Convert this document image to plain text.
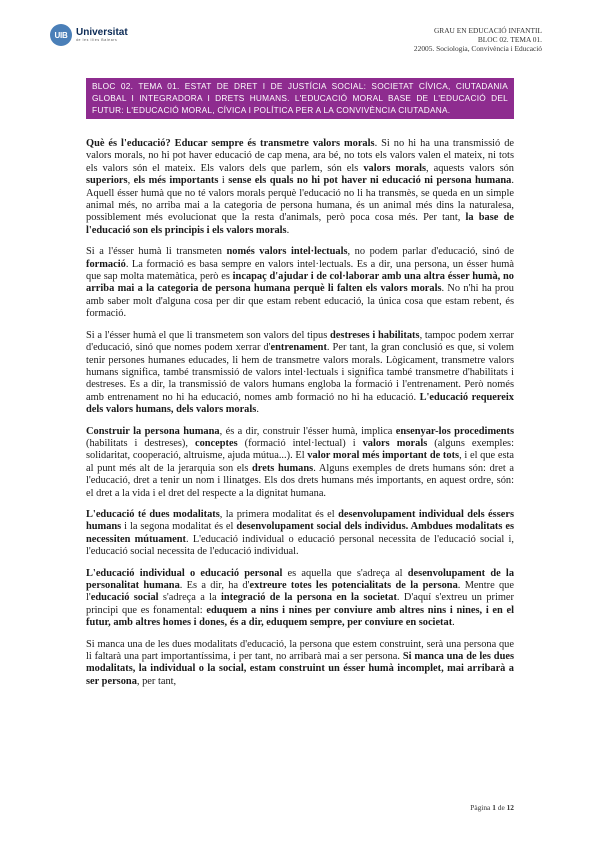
UIB Universitat
de les Illes Balears
GRAU EN EDUCACIÓ INFANTIL
BLOC 02. TEMA 01.
22005. Sociologia, Convivència i Educació
BLOC 02. TEMA 01. ESTAT DE DRET I DE JUSTÍCIA SOCIAL: SOCIETAT CÍVICA, CIUTADANIA GLOBAL I INTEGRADORA I DRETS HUMANS. L'EDUCACIÓ MORAL BASE DE L'EDUCACIÓ DEL FUTUR: L'EDUCACIÓ MORAL, CÍVICA I POLÍTICA PER A LA CONVIVÈNCIA CIUTADANA.

Què és l'educació? Educar sempre és transmetre valors morals. Si no hi ha una transmissió de valors morals, no hi pot haver educació de cap mena, ara bé, no tots els valors valen el mateix, ni tots els valors són el mateix. Els valors dels que parlem, són els valors morals, aquests valors són superiors, els més importants i sense els quals no hi pot haver ni educació ni persona humana. Aquell ésser humà que no té valors morals perquè l'educació no li ha transmès, se queda en un simple animal més, no arriba mai a la categoria de persona humana, és un animal més dins la naturalesa, possiblement més evolucionat que la resta d'animals, però poca cosa més. Per tant, la base de l'educació son els principis i els valors morals.

Si a l'ésser humà li transmeten només valors intel·lectuals, no podem parlar d'educació, sinó de formació. La formació es basa sempre en valors intel·lectuals. Es a dir, una persona, un ésser humà que sap molta matemàtica, però es incapaç d'ajudar i de col·laborar amb una altra ésser humà, no arriba mai a la categoria de persona humana perquè li falten els valors morals. No n'hi ha prou amb saber molt d'alguna cosa per dir que estam rebent educació, la única cosa que estam rebent, és formació.

Si a l'ésser humà el que li transmetem son valors del tipus destreses i habilitats, tampoc podem xerrar d'educació, sinó que nomes podem xerrar d'entrenament. Per tant, la gran conclusió es que, si volem tenir persones humanes educades, li hem de transmetre valors morals. Lògicament, transmetre valors humans significa, també transmissió de valors intel·lectuals i significa també transmetre d'habilitats i destreses. Es a dir, la transmissió de valors humans engloba la formació i l'entrenament. Però només amb entrenament no hi ha educació, nomes amb formació no hi ha educació. L'educació requereix dels valors humans, dels valors morals.

Construir la persona humana, és a dir, construir l'ésser humà, implica ensenyar-los procediments (habilitats i destreses), conceptes (formació intel·lectual) i valors morals (alguns exemples: solidaritat, cooperació, altruisme, ajuda mútua...). El valor moral més important de tots, i el que esta al punt més alt de la jerarquia son els drets humans. Alguns exemples de drets humans són: dret a l'educació, dret a tenir un nom i llinatges. Els dos drets humans més importants, en aquest ordre, són: el dret a la vida i el dret del respecte a la dignitat humana.

L'educació té dues modalitats, la primera modalitat és el desenvolupament individual dels éssers humans i la segona modalitat és el desenvolupament social dels individus. Ambdues modalitats es necessiten mútuament. L'educació individual o educació personal necessita de l'educació social i, l'educació social necessita de l'educació individual.

L'educació individual o educació personal es aquella que s'adreça al desenvolupament de la personalitat humana. Es a dir, ha d'extreure totes les potencialitats de la persona. Mentre que l'educació social s'adreça a la integració de la persona en la societat. D'aquí s'extreu un primer principi que es fonamental: eduquem a nins i nines per conviure amb altres nins i nines, i en el futur, amb altres homes i dones, és a dir, eduquem sempre, per conviure en societat.

Si manca una de les dues modalitats d'educació, la persona que estem construint, serà una persona que li faltarà una part importantíssima, i per tant, no arribarà mai a ser persona. Si manca una de les dues modalitats, la individual o la social, estam construint un ésser humà incomplet, mai arribarà a ser persona, per tant,

Pàgina 1 de 12
